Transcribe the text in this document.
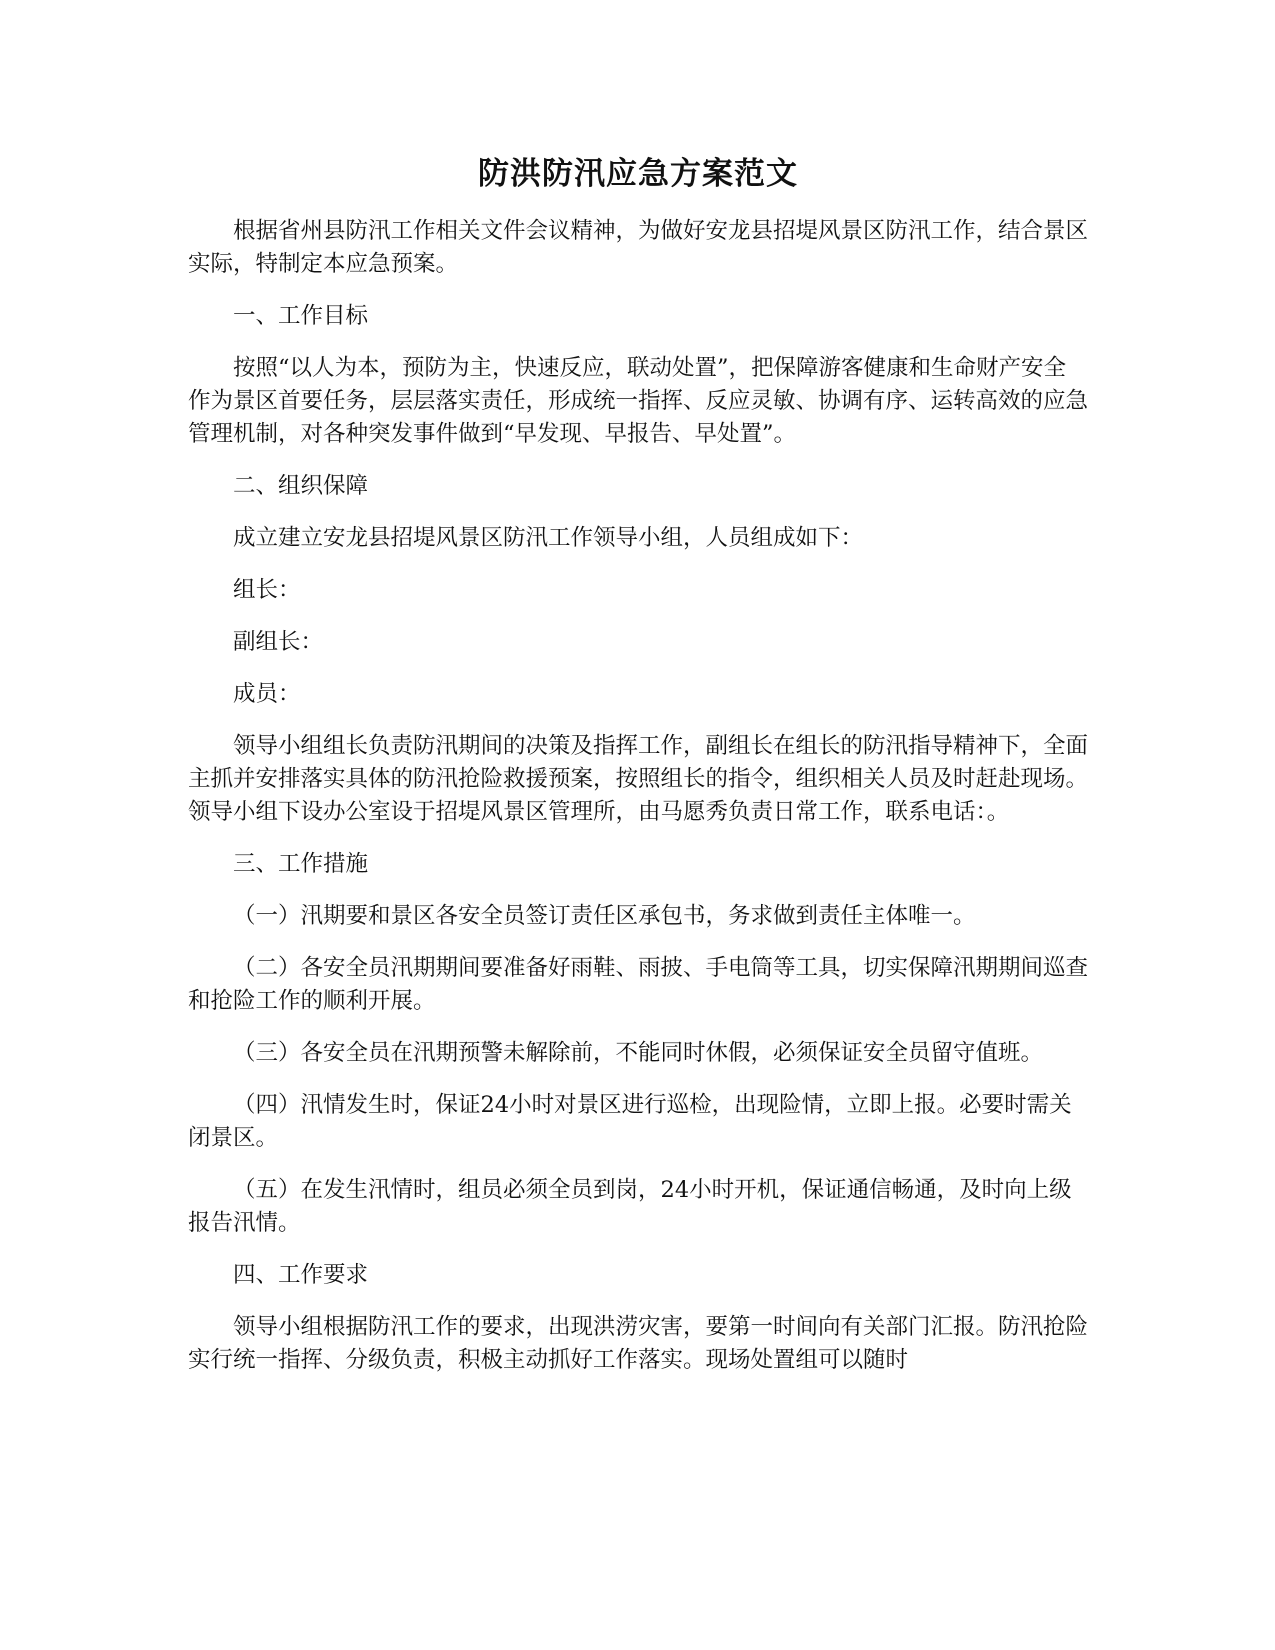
防洪防汛应急方案范文

根据省州县防汛工作相关文件会议精神，为做好安龙县招堤风景区防汛工作，结合景区实际，特制定本应急预案。

一、工作目标

按照“以人为本，预防为主，快速反应，联动处置”，把保障游客健康和生命财产安全作为景区首要任务，层层落实责任，形成统一指挥、反应灵敏、协调有序、运转高效的应急管理机制，对各种突发事件做到“早发现、早报告、早处置”。

二、组织保障

成立建立安龙县招堤风景区防汛工作领导小组，人员组成如下：

组长：

副组长：

成员：

领导小组组长负责防汛期间的决策及指挥工作，副组长在组长的防汛指导精神下，全面主抓并安排落实具体的防汛抢险救援预案，按照组长的指令，组织相关人员及时赶赴现场。领导小组下设办公室设于招堤风景区管理所，由马愿秀负责日常工作，联系电话：。

三、工作措施

（一）汛期要和景区各安全员签订责任区承包书，务求做到责任主体唯一。

（二）各安全员汛期期间要准备好雨鞋、雨披、手电筒等工具，切实保障汛期期间巡查和抢险工作的顺利开展。

（三）各安全员在汛期预警未解除前，不能同时休假，必须保证安全员留守值班。

（四）汛情发生时，保证24小时对景区进行巡检，出现险情，立即上报。必要时需关闭景区。

（五）在发生汛情时，组员必须全员到岗，24小时开机，保证通信畅通，及时向上级报告汛情。

四、工作要求

领导小组根据防汛工作的要求，出现洪涝灾害，要第一时间向有关部门汇报。防汛抢险实行统一指挥、分级负责，积极主动抓好工作落实。现场处置组可以随时
